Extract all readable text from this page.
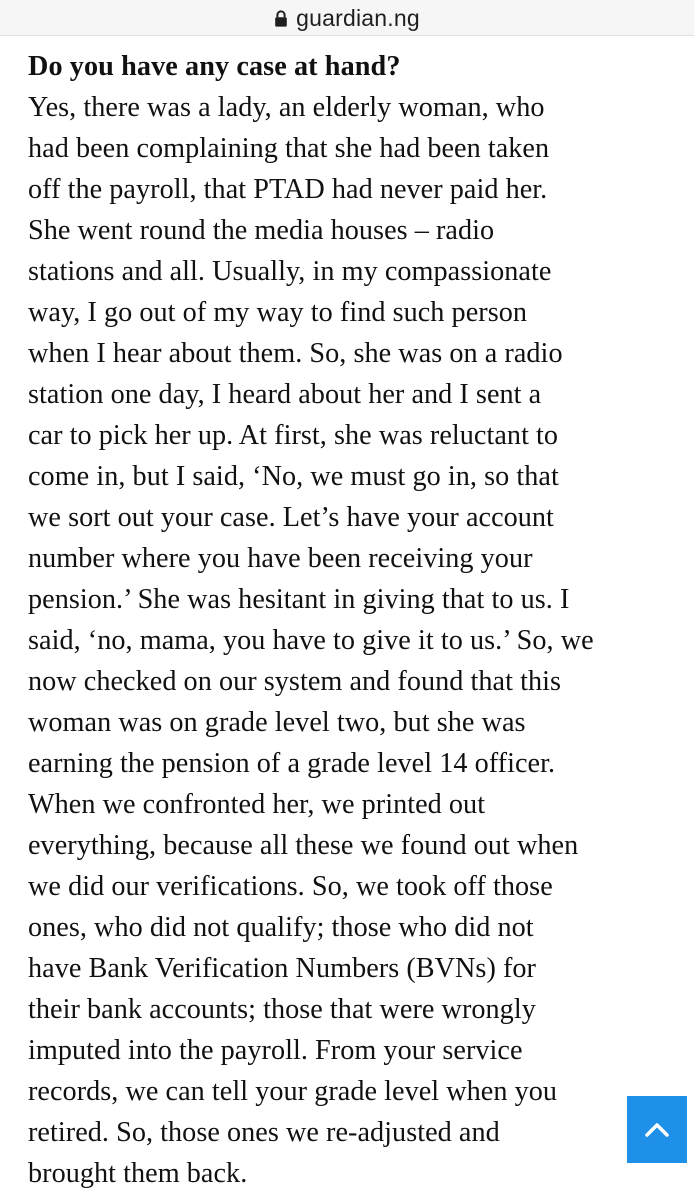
guardian.ng
Do you have any case at hand?

Yes, there was a lady, an elderly woman, who

had been complaining that she had been taken

off the payroll, that PTAD had never paid her.

She went round the media houses – radio

stations and all. Usually, in my compassionate

way, I go out of my way to find such person

when I hear about them. So, she was on a radio

station one day, I heard about her and I sent a

car to pick her up. At first, she was reluctant to

come in, but I said, ‘No, we must go in, so that

we sort out your case. Let’s have your account

number where you have been receiving your

pension.’ She was hesitant in giving that to us. I

said, ‘no, mama, you have to give it to us.’ So, we

now checked on our system and found that this

woman was on grade level two, but she was

earning the pension of a grade level 14 officer.

When we confronted her, we printed out

everything, because all these we found out when

we did our verifications. So, we took off those

ones, who did not qualify; those who did not

have Bank Verification Numbers (BVNs) for

their bank accounts; those that were wrongly

imputed into the payroll. From your service

records, we can tell your grade level when you

retired. So, those ones we re-adjusted and

brought them back.
